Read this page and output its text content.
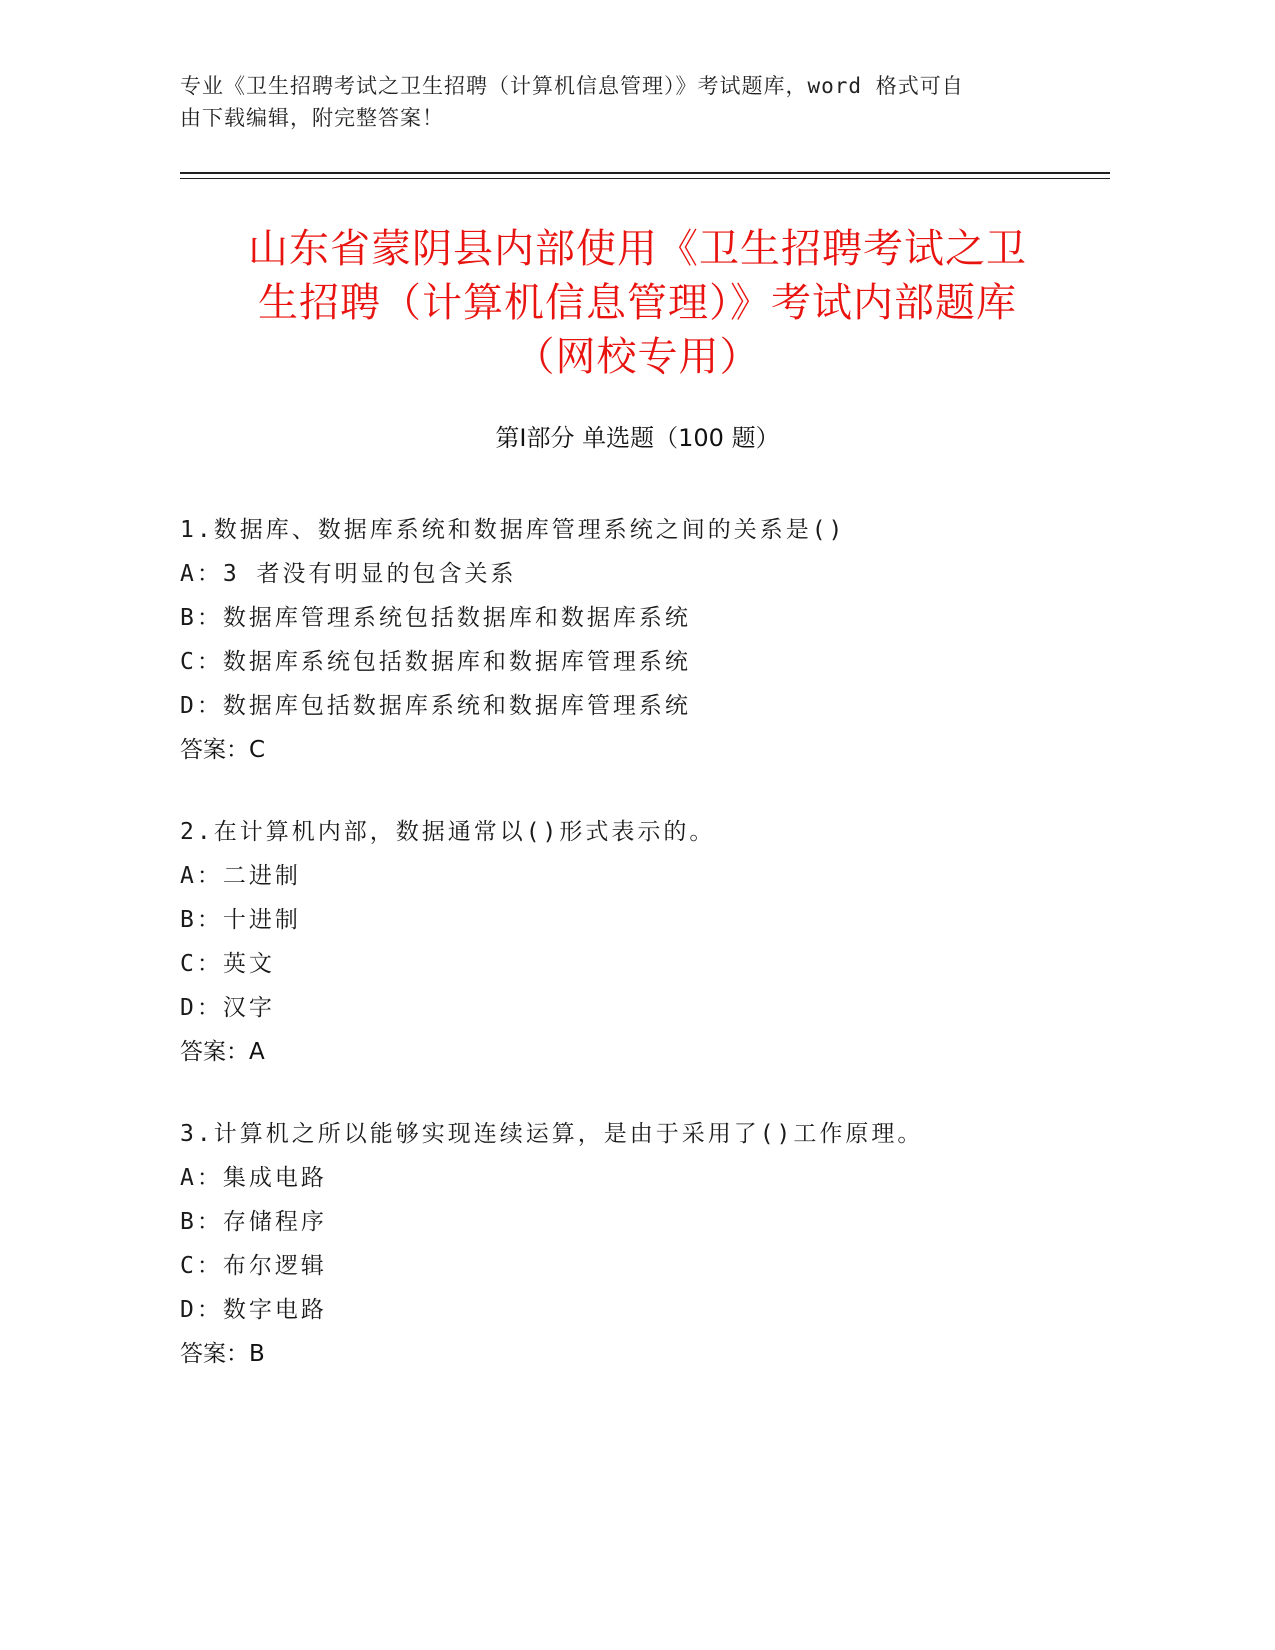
专业《卫生招聘考试之卫生招聘（计算机信息管理）》考试题库，word 格式可自
由下载编辑，附完整答案！
山东省蒙阴县内部使用《卫生招聘考试之卫
生招聘（计算机信息管理）》考试内部题库
（网校专用）
第Ⅰ部分 单选题（100 题）
1.数据库、数据库系统和数据库管理系统之间的关系是()
A：3 者没有明显的包含关系
B：数据库管理系统包括数据库和数据库系统
C：数据库系统包括数据库和数据库管理系统
D：数据库包括数据库系统和数据库管理系统
答案：C
2.在计算机内部，数据通常以()形式表示的。
A：二进制
B：十进制
C：英文
D：汉字
答案：A
3.计算机之所以能够实现连续运算，是由于采用了()工作原理。
A：集成电路
B：存储程序
C：布尔逻辑
D：数字电路
答案：B
